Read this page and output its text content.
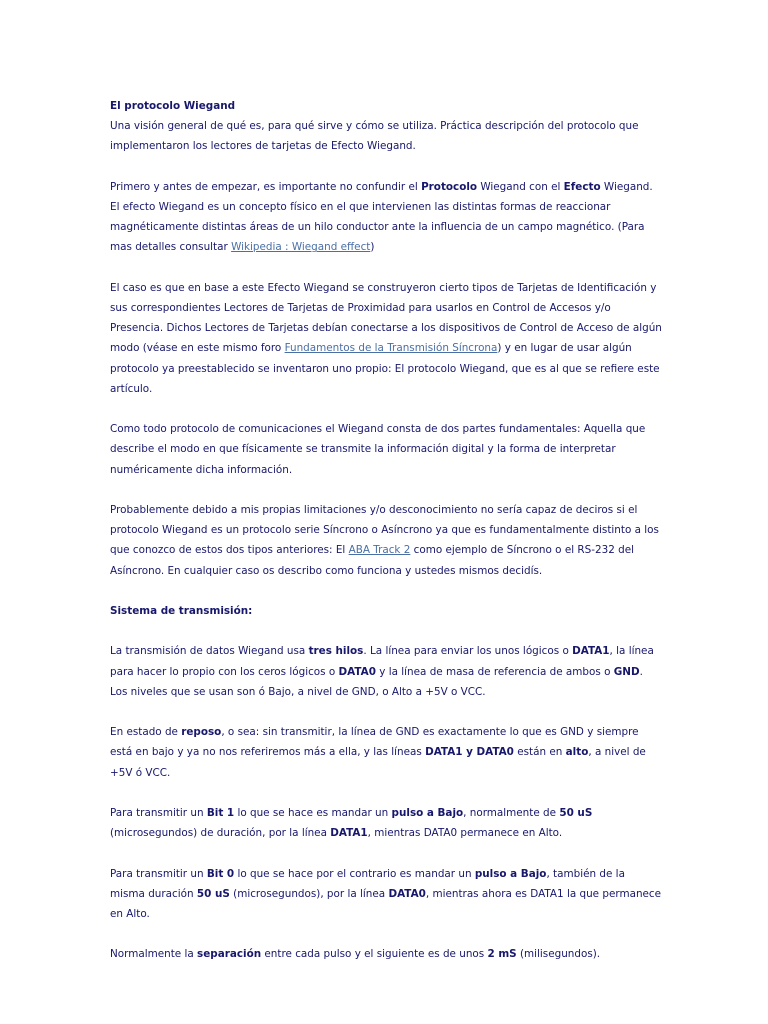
El protocolo Wiegand

Una visión general de qué es, para qué sirve y cómo se utiliza. Práctica descripción del protocolo que implementaron los lectores de tarjetas de Efecto Wiegand.

Primero y antes de empezar, es importante no confundir el Protocolo Wiegand con el Efecto Wiegand. El efecto Wiegand es un concepto físico en el que intervienen las distintas formas de reaccionar magnéticamente distintas áreas de un hilo conductor ante la influencia de un campo magnético. (Para mas detalles consultar Wikipedia : Wiegand effect)

El caso es que en base a este Efecto Wiegand se construyeron cierto tipos de Tarjetas de Identificación y sus correspondientes Lectores de Tarjetas de Proximidad para usarlos en Control de Accesos y/o Presencia. Dichos Lectores de Tarjetas debían conectarse a los dispositivos de Control de Acceso de algún modo (véase en este mismo foro Fundamentos de la Transmisión Síncrona) y en lugar de usar algún protocolo ya preestablecido se inventaron uno propio: El protocolo Wiegand, que es al que se refiere este artículo.

Como todo protocolo de comunicaciones el Wiegand consta de dos partes fundamentales: Aquella que describe el modo en que físicamente se transmite la información digital y la forma de interpretar numéricamente dicha información.

Probablemente debido a mis propias limitaciones y/o desconocimiento no sería capaz de deciros si el protocolo Wiegand es un protocolo serie Síncrono o Asíncrono ya que es fundamentalmente distinto a los que conozco de estos dos tipos anteriores: El ABA Track 2 como ejemplo de Síncrono o el RS-232 del Asíncrono. En cualquier caso os describo como funciona y ustedes mismos decidís.

Sistema de transmisión:

La transmisión de datos Wiegand usa tres hilos. La línea para enviar los unos lógicos o DATA1, la línea para hacer lo propio con los ceros lógicos o DATA0 y la línea de masa de referencia de ambos o GND. Los niveles que se usan son ó Bajo, a nivel de GND, o Alto a +5V o VCC.

En estado de reposo, o sea: sin transmitir, la línea de GND es exactamente lo que es GND y siempre está en bajo y ya no nos referiremos más a ella, y las líneas DATA1 y DATA0 están en alto, a nivel de +5V ó VCC.

Para transmitir un Bit 1 lo que se hace es mandar un pulso a Bajo, normalmente de 50 uS (microsegundos) de duración, por la línea DATA1, mientras DATA0 permanece en Alto.

Para transmitir un Bit 0 lo que se hace por el contrario es mandar un pulso a Bajo, también de la misma duración 50 uS (microsegundos), por la línea DATA0, mientras ahora es DATA1 la que permanece en Alto.

Normalmente la separación entre cada pulso y el siguiente es de unos 2 mS (milisegundos).
